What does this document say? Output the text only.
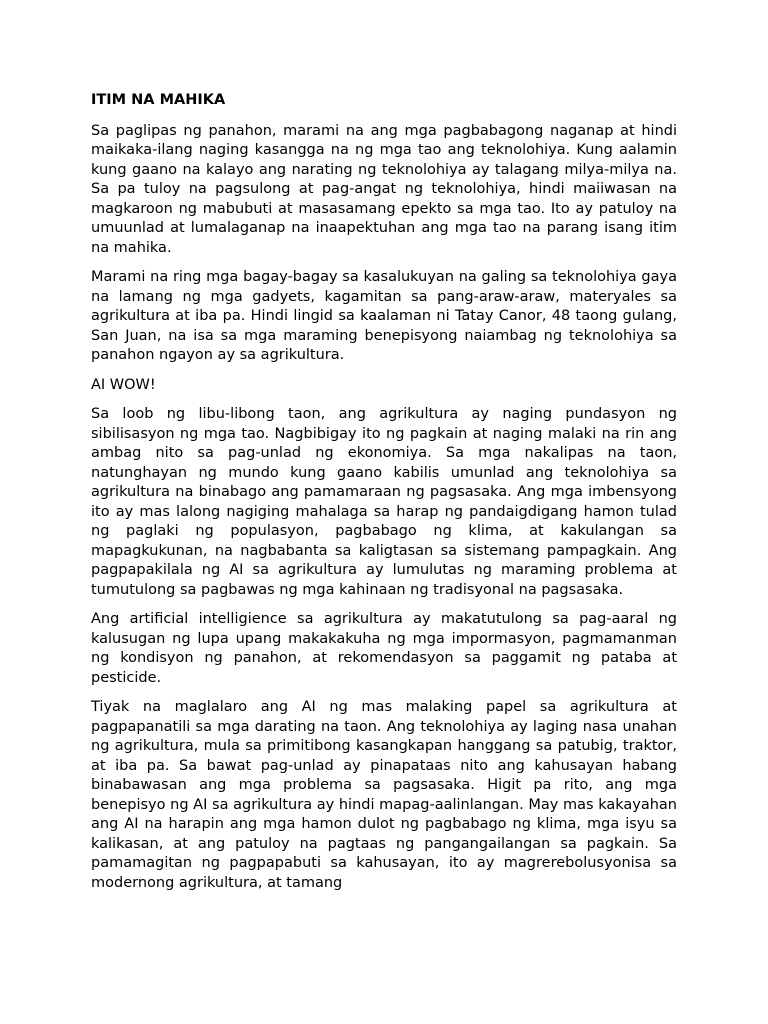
ITIM NA MAHIKA

Sa paglipas ng panahon, marami na ang mga pagbabagong naganap at hindi maikaka-ilang naging kasangga na ng mga tao ang teknolohiya. Kung aalamin kung gaano na kalayo ang narating ng teknolohiya ay talagang milya-milya na. Sa pa tuloy na pagsulong at pag-angat ng teknolohiya, hindi maiiwasan na magkaroon ng mabubuti at masasamang epekto sa mga tao. Ito ay patuloy na umuunlad at lumalaganap na inaapektuhan ang mga tao na parang isang itim na mahika.

Marami na ring mga bagay-bagay sa kasalukuyan na galing sa teknolohiya gaya na lamang ng mga gadyets, kagamitan sa pang-araw-araw, materyales sa agrikultura at iba pa. Hindi lingid sa kaalaman ni Tatay Canor, 48 taong gulang, San Juan, na isa sa mga maraming benepisyong naiambag ng teknolohiya sa panahon ngayon ay sa agrikultura.

AI WOW!

Sa loob ng libu-libong taon, ang agrikultura ay naging pundasyon ng sibilisasyon ng mga tao. Nagbibigay ito ng pagkain at naging malaki na rin ang ambag nito sa pag-unlad ng ekonomiya. Sa mga nakalipas na taon, natunghayan ng mundo kung gaano kabilis umunlad ang teknolohiya sa agrikultura na binabago ang pamamaraan ng pagsasaka. Ang mga imbensyong ito ay mas lalong nagiging mahalaga sa harap ng pandaigdigang hamon tulad ng paglaki ng populasyon, pagbabago ng klima, at kakulangan sa mapagkukunan, na nagbabanta sa kaligtasan sa sistemang pampagkain. Ang pagpapakilala ng AI sa agrikultura ay lumulutas ng maraming problema at tumutulong sa pagbawas ng mga kahinaan ng tradisyonal na pagsasaka.

Ang artificial intelligience sa agrikultura ay makatutulong sa pag-aaral ng kalusugan ng lupa upang makakakuha ng mga impormasyon, pagmamanman ng kondisyon ng panahon, at rekomendasyon sa paggamit ng pataba at pesticide.

Tiyak na maglalaro ang AI ng mas malaking papel sa agrikultura at pagpapanatili sa mga darating na taon. Ang teknolohiya ay laging nasa unahan ng agrikultura, mula sa primitibong kasangkapan hanggang sa patubig, traktor, at iba pa. Sa bawat pag-unlad ay pinapataas nito ang kahusayan habang binabawasan ang mga problema sa pagsasaka. Higit pa rito, ang mga benepisyo ng AI sa agrikultura ay hindi mapag-aalinlangan. May mas kakayahan ang AI na harapin ang mga hamon dulot ng pagbabago ng klima, mga isyu sa kalikasan, at ang patuloy na pagtaas ng pangangailangan sa pagkain. Sa pamamagitan ng pagpapabuti sa kahusayan, ito ay magrerebolusyonisa sa modernong agrikultura, at tamang
